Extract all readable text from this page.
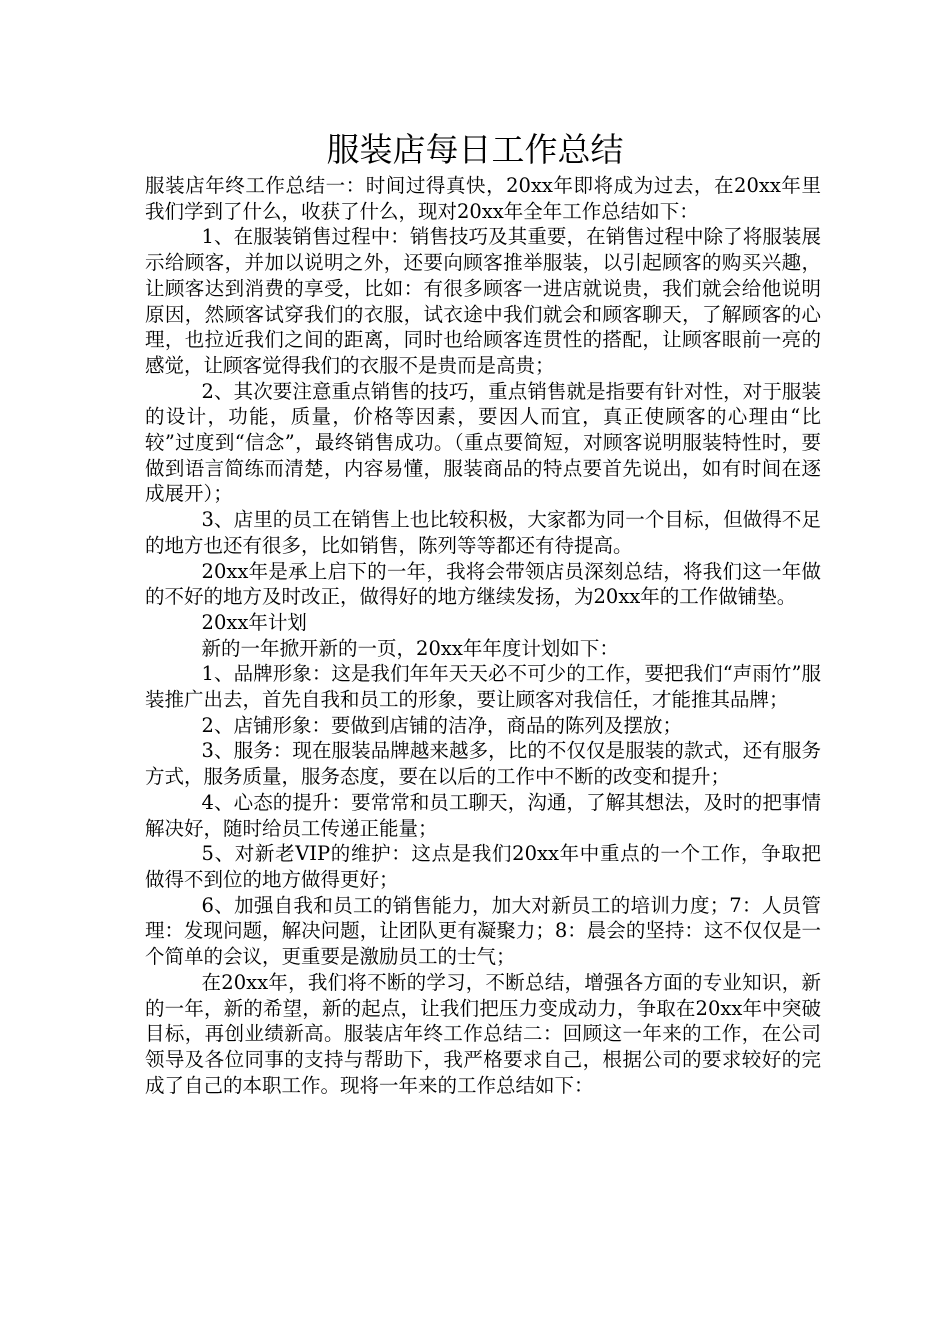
服装店每日工作总结

服装店年终工作总结一：时间过得真快，20xx年即将成为过去，在20xx年里我们学到了什么，收获了什么，现对20xx年全年工作总结如下：

1、在服装销售过程中：销售技巧及其重要，在销售过程中除了将服装展示给顾客，并加以说明之外，还要向顾客推举服装，以引起顾客的购买兴趣，让顾客达到消费的享受，比如：有很多顾客一进店就说贵，我们就会给他说明原因，然顾客试穿我们的衣服，试衣途中我们就会和顾客聊天，了解顾客的心理，也拉近我们之间的距离，同时也给顾客连贯性的搭配，让顾客眼前一亮的感觉，让顾客觉得我们的衣服不是贵而是高贵；

2、其次要注意重点销售的技巧，重点销售就是指要有针对性，对于服装的设计，功能，质量，价格等因素，要因人而宜，真正使顾客的心理由“比较”过度到“信念”，最终销售成功。（重点要简短，对顾客说明服装特性时，要做到语言简练而清楚，内容易懂，服装商品的特点要首先说出，如有时间在逐成展开）；

3、店里的员工在销售上也比较积极，大家都为同一个目标，但做得不足的地方也还有很多，比如销售，陈列等等都还有待提高。

20xx年是承上启下的一年，我将会带领店员深刻总结，将我们这一年做的不好的地方及时改正，做得好的地方继续发扬，为20xx年的工作做铺垫。

20xx年计划

新的一年掀开新的一页，20xx年年度计划如下：

1、品牌形象：这是我们年年天天必不可少的工作，要把我们“声雨竹”服装推广出去，首先自我和员工的形象，要让顾客对我信任，才能推其品牌；

2、店铺形象：要做到店铺的洁净，商品的陈列及摆放；

3、服务：现在服装品牌越来越多，比的不仅仅是服装的款式，还有服务方式，服务质量，服务态度，要在以后的工作中不断的改变和提升；

4、心态的提升：要常常和员工聊天，沟通，了解其想法，及时的把事情解决好，随时给员工传递正能量；

5、对新老VIP的维护：这点是我们20xx年中重点的一个工作，争取把做得不到位的地方做得更好；

6、加强自我和员工的销售能力，加大对新员工的培训力度；7：人员管理：发现问题，解决问题，让团队更有凝聚力；8：晨会的坚持：这不仅仅是一个简单的会议，更重要是激励员工的士气；

在20xx年，我们将不断的学习，不断总结，增强各方面的专业知识，新的一年，新的希望，新的起点，让我们把压力变成动力，争取在20xx年中突破目标，再创业绩新高。服装店年终工作总结二：回顾这一年来的工作，在公司领导及各位同事的支持与帮助下，我严格要求自己，根据公司的要求较好的完成了自己的本职工作。现将一年来的工作总结如下：
